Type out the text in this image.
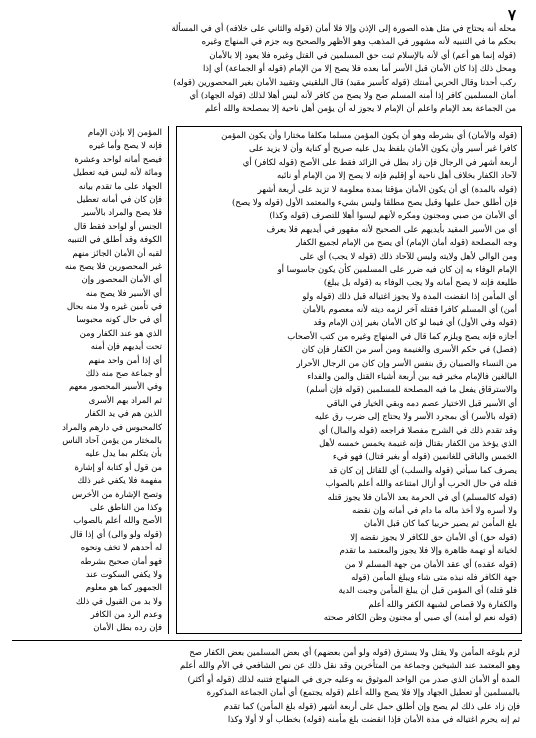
٧
محله أنه يحتاج في مثل هذه الصورة إلى الإذن وإلا فلا أمان (قوله والثاني على خلافه) أي في المسألة
بحكم ما في التنبيه لأنه مشهور في المذهب وهو الأظهر والصحيح وبه جزم في المنهاج وغيره
(قوله إنما هو أعم) أي لأنه بالإسلام ثبت حق المسلمين في القتل وغيره فلا يعود إلا بالأمان
ومحل ذلك إذا كان الأمان قبل الأسر أما بعده فلا يصح إلا من الإمام (قوله أو الجماعة) أي إذا
ركب أحدنا وقال الحربي أمنتك (قوله كأسير مقيد) قال البلقيني وتقييد الأمان بغير المحصورين (قوله)
أمان المسلمين كافر إذا أمنه المسلم صح ولا يصح من كافر لأنه ليس أهلا لذلك (قوله الجهاد) أي
من الجماعة بعد الإمام واعلم أن الإمام لا يجوز له أن يؤمن أهل ناحية إلا بمصلحة والله أعلم
المؤمن إلا بإذن الإمام
فإنه لا يصح وأما غيره
فيصح أمانه لواحد وعشرة
ومائة لأنه ليس فيه تعطيل
الجهاد على ما تقدم بيانه
فإن كان في أمانه تعطيل
فلا يصح والمراد بالأسير
الجنس أو لواحد فقط قال
الكوفة وقد أطلق في التنبيه
لقبه أن الأمان الجائز منهم
غير المحصورين فلا يصح منه
أي الأمان المحصور وإن
أي الأسير فلا يصح منه
في تأمين غيره ولا منه بحال
أي في حال كونه محبوسا
الذي هو عند الكفار ومن
تحت أيديهم فإن أمنه
أي إذا أمن واحد منهم
أو جماعة صح منه ذلك
وفي الأسير المحصور معهم
ثم المراد بهم الأسرى
الذين هم في يد الكفار
كالمحبوس في دارهم والمراد
بالمختار من يؤمن آحاد الناس
بأن يتكلم بما يدل عليه
من قول أو كتابة أو إشارة
مفهمة فلا يكفي غير ذلك
وتصح الإشارة من الأخرس
وكذا من الناطق على
الأصح والله أعلم بالصواب
(قوله ولو والى) أي إذا قال
له أحدهم لا تخف ونحوه
فهو أمان صحيح بشرطه
ولا يكفي السكوت عند
الجمهور كما هو معلوم
ولا بد من القبول في ذلك
وعدم الرد من الكافر
فإن رده بطل الأمان
(قوله والأمان) أي بشرطه وهو أن يكون المؤمن مسلما مكلفا مختارا وأن يكون المؤمن
كافرا غير أسير وأن يكون الأمان بلفظ يدل عليه صريح أو كناية وأن لا يزيد على
أربعة أشهر في الرجال فإن زاد بطل في الزائد فقط على الأصح (قوله لكافر) أي
لآحاد الكفار بخلاف أهل ناحية أو إقليم فإنه لا يصح إلا من الإمام أو نائبه
(قوله بالمدة) أي أن يكون الأمان مؤقتا بمدة معلومة لا تزيد على أربعة أشهر
فإن أطلق حمل عليها وقيل يصح مطلقا وليس بشيء والمعتمد الأول (قوله ولا يصح)
أي الأمان من صبي ومجنون ومكره لأنهم ليسوا أهلا للتصرف (قوله وكذا)
أي من الأسير المقيد بأيديهم على الصحيح لأنه مقهور في أيديهم فلا يعرف
وجه المصلحة (قوله أمان الإمام) أي يصح من الإمام لجميع الكفار
ومن الوالي لأهل ولايته وليس للآحاد ذلك (قوله لا يجب) أي على
الإمام الوفاء به إن كان فيه ضرر على المسلمين كأن يكون جاسوسا أو
طليعة فإنه لا يصح أمانه ولا يجب الوفاء به (قوله بل يبلغ)
أي المأمن إذا انقضت المدة ولا يجوز اغتياله قبل ذلك (قوله ولو
أمن) أي المسلم كافرا فقتله آخر لزمه ديته لأنه معصوم بالأمان
(قوله وفي الأول) أي فيما لو كان الأمان بغير إذن الإمام وقد
أجازه فإنه يصح ويلزم كما قال في المنهاج وغيره من كتب الأصحاب
(فصل) في حكم الأسرى والغنيمة ومن أسر من الكفار فإن كان
من النساء والصبيان رق بنفس الأسر وإن كان من الرجال الأحرار
البالغين فالإمام مخير فيه بين أربعة أشياء القتل والمن والفداء
والاسترقاق يفعل ما فيه المصلحة للمسلمين (قوله فإن أسلم)
أي الأسير قبل الاختيار عصم دمه وبقي الخيار في الباقي
(قوله بالأسر) أي بمجرد الأسر ولا يحتاج إلى ضرب رق عليه
وقد تقدم ذلك في الشرح مفصلا فراجعه (قوله والمال) أي
الذي يؤخذ من الكفار بقتال فإنه غنيمة يخمس خمسه لأهل
الخمس والباقي للغانمين (قوله أو بغير قتال) فهو فيء
يصرف كما سيأتي (قوله والسلب) أي للقاتل إن كان قد
قتله في حال الحرب أو أزال امتناعه والله أعلم بالصواب
(قوله كالمسلم) أي في الحرمة بعد الأمان فلا يجوز قتله
ولا أسره ولا أخذ ماله ما دام في أمانه وإن نقضه
بلغ المأمن ثم يصير حربيا كما كان قبل الأمان
(قوله حق) أي الأمان حق للكافر لا يجوز نقضه إلا
لخيانة أو تهمة ظاهرة وإلا فلا يجوز والمعتمد ما تقدم
(قوله عقده) أي عقد الأمان من جهة المسلم لا من
جهة الكافر فله نبذه متى شاء ويبلغ المأمن (قوله
فلو قتله) أي المؤمن قبل أن يبلغ المأمن وجبت الدية
والكفارة ولا قصاص لشبهة الكفر والله أعلم
(قوله نعم لو أمنه) أي صبي أو مجنون وظن الكافر صحته
لزم بلوغه المأمن ولا يقتل ولا يسترق (قوله ولو أمن بعضهم) أي بعض المسلمين بعض الكفار صح
وهو المعتمد عند الشيخين وجماعة من المتأخرين وقد نقل ذلك عن نص الشافعي في الأم والله أعلم
المدة أو الأمان الذي صدر من الواحد الموثوق به وعليه جرى في المنهاج فتنبه لذلك (قوله أو أكثر)
بالمسلمين أو تعطيل الجهاد وإلا فلا يصح والله أعلم (قوله يجتمع) أي أمان الجماعة المذكورة
فإن زاد على ذلك لم يصح وإن أطلق حمل على أربعة أشهر (قوله بلغ المأمن) كما تقدم
ثم إنه يحرم اغتياله في مدة الأمان فإذا انقضت بلغ مأمنه (قوله) بخطاب أو لا أولا وكذا
